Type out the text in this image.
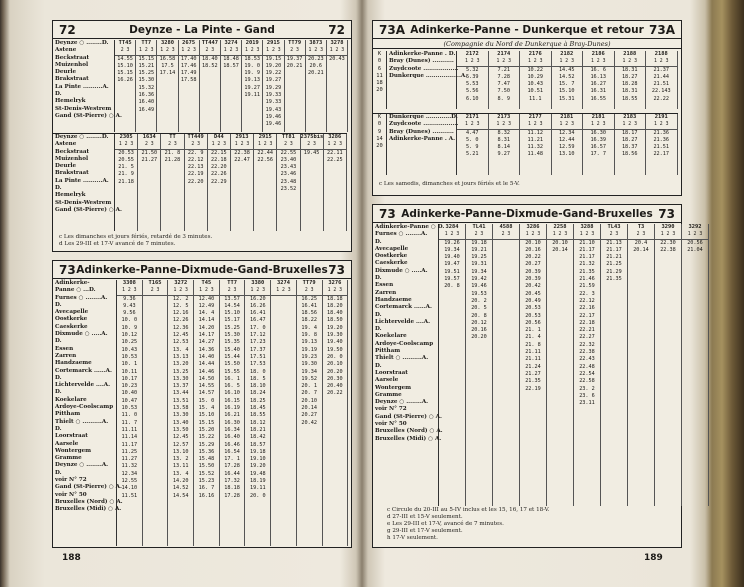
72	Deynze - La Pinte - Gand	72
Deynze ○ ........D.
Astene
Beckstraat
Muizenhol
Deurle
Brakstraat
La Pinte ..........A.
D.
Hemelryk
St-Denis-Westrem
Gand (St-Pierre) ○ A.
TT45
2 3
14.55
15.10
15.15
16.26
TT7
1 2 3
15.15
15.21
15.25
15.30
15.32
16.36
16.40
16.49
3280
1 2 3
16.58
17.5
17.14
2675
1 2 3
17.40
17.46
17.49
17.58
TT447
2 3
18.40
18.52
3274
1 2 3
18.48
18.57
2019
1 2 3
18.53
19. 0
19. 9
19.13
19.27
19.11
2915
1 2 3
19.15
19.20
19.22
19.27
19.29
19.33
19.33
19.43
19.46
19.46
TT79
2 3
19.37
20.21
3873
1 2 3
20.23
20.6
20.21
3278
1 2 3
20.43
Deynze ○ ........D.
Astene
Beckstraat
Muizenhol
Deurle
Brakstraat
La Pinte ..........A.
D.
Hemelryk
St-Denis-Westrem
Gand (St-Pierre) ○ A.
2305
1 2 3
20.53
20.55
21. 5
21. 9
21.18
1634
2 3
21.50
21.27
TT
2 3
21. 8
21.28
TT449
2 3
22. 9
22.12
22.13
22.19
22.20
D44
1 2 3
22.15
22.18
22.20
22.26
22.29
2913
1 2 3
22.38
22.47
2915
1 2 3
22.44
22.56
TT81
2 3
22.55
23.40
23.43
23.46
23.48
23.52
2375bis
2 3
19.45
3286
1 2 3
22.11
22.25
c Les dimanches et jours fériés, retardé de 3 minutes.
d Les 29-III et 17-V avancé de 7 minutes.
73 Adinkerke-Panne-Dixmude-Gand-Bruxelles 73
Adinkerke-
Panne ○ ...D.
Furnes ○ ........A.
D.
Avecapelle
Oostkerke
Caeskerke
Dixmude ○ .....A.
D.
Essen
Zarren
Handzaeme
Cortemarck ......A.
D.
Lichtervelde ....A.
D.
Koekelare
Ardoye-Coolscamp
Pittham
Thielt ○ ..........A.
D.
Loorstraat
Aarsele
Wontergem
Gramme
Deynze ○ ........A.
D.
voir N° 72
Gand (St-Pierre) ○ A.
voir N° 50
Bruxelles (Nord) ○ A.
Bruxelles (Midi) ○ A.
3308
1 2 3
9.36
9.43
9.56
10. 0
10. 9
10.12
10.25
10.43
10.53
10. 1
10.11
10.17
10.23
10.40
10.47
10.53
11. 0
11. 7
11.11
11.14
11.17
11.25
11.27
11.32
12.34
12.55
14.10
11.51
T165
2 3
3272
1 2 3
12. 2
12. 5
12.16
12.26
12.36
12.45
12.53
13. 4
13.13
13.20
13.25
13.30
13.37
13.44
13.51
13.58
13.30
13.40
13.50
12.45
12.57
13.10
13. 2
13.11
13. 4
14.20
14.52
14.54
T45
1 2 3
12.40
12.49
14. 4
14.14
14.20
14.17
14.27
14.36
14.40
14.44
14.46
14.50
14.55
14.57
15. 0
15. 4
15.10
15.15
15.20
15.22
15.29
15.36
15.48
15.50
15.52
15.23
16. 7
16.16
TT7
2 3
13.57
14.54
15.10
15.17
15.25
15.30
15.35
15.40
15.44
15.50
15.55
16. 1
16. 5
16.10
16.15
16.19
16.21
16.30
16.34
16.40
16.46
16.54
17. 1
17.28
16.44
17.32
18.18
17.28
3380
1 2 3
16.20
16.26
16.41
16.47
17. 0
17.12
17.23
17.37
17.51
17.53
18. 0
18. 5
18.10
18.24
18.25
18.45
18.55
18.12
18.21
18.42
18.57
19.18
19.10
19.20
19.48
18.19
19.11
20. 0
3274
1 2 3
TT79
2 3
16.25
16.41
18.56
18.22
19. 4
19. 8
19.13
19.19
19.23
19.30
19.34
19.52
20. 1
20. 7
20.10
20.14
20.27
20.42
3276
1 2 3
18.18
18.20
18.40
18.50
19.20
19.30
19.40
19.50
20. 0
20.10
20.20
20.30
20.40
20.22
188
73A Adinkerke-Panne - Dunkerque et retour 73A
(Compagnie du Nord de Dunkerque à Bray-Dunes)
K
0
6
11
18
20
Adinkerke-Panne . D.
Bray (Dunes) ...........
Zuydcoote ..................
Dunkerque ..................A.
2172
1 2 3
5.32
5.39
5.53
5.56
6.10
2174
1 2 3
7.21
7.28
7.47
7.50
8. 9
2176
1 2 3
10.22
10.29
10.43
10.51
11.1
2182
1 2 3
14.45
14.52
15. 7
15.10
15.31
2186
1 2 3
16. 6
16.13
16.27
16.31
16.55
2188
1 2 3
18.31
18.27
18.28
18.31
18.55
2188
1 2 3
21.37
21.44
21.51
22.143
22.22
K
0
9
14
20
Dunkerque .............D.
Zuydcoote ..................
Bray (Dunes) ...........
Adinkerke-Panne . A.
2171
1 2 3
4.47
5. 0
5. 9
5.21
2173
1 2 3
8.32
8.31
8.14
9.27
2177
1 2 3
11.12
11.21
11.32
11.48
2181
1 2 3
12.34
12.44
12.59
13.10
2181
1 2 3
16.30
16.39
16.57
17. 7
2183
1 2 3
18.17
18.27
18.37
18.56
2191
1 2 3
21.36
21.36
21.51
22.17
c Les samedis, dimanches et jours fériés et le 5-V.
73 Adinkerke-Panne-Dixmude-Gand-Bruxelles 73
Adinkerke-Panne ○ D.
Furnes ○ ........A.
D.
Avecapelle
Oostkerke
Caeskerke
Dixmude ○ .....A.
D.
Essen
Zarren
Handzaeme
Cortemarck ......A.
D.
Lichtervelde ....A.
D.
Koekelare
Ardoye-Coolscamp
Pittham
Thielt ○ ..........A.
D.
Loorstraat
Aarsele
Wontergem
Gramme
Deynze ○ ........A.
voir N° 72
Gand (St-Pierre) ○ A.
voir N° 50
Bruxelles (Nord) ○ A.
Bruxelles (Midi) ○ A.
3284
1 2 3
19.26
19.34
19.40
19.47
19.51
19.57
20. 8
TL41
2 3
19.18
19.21
19.25
19.31
19.34
19.42
19.46
19.53
20. 2
20. 5
20. 8
20.12
20.16
20.20
4588
2 3
3286
1 2 3
20.10
20.16
20.22
20.27
20.39
20.39
20.42
20.45
20.49
20.53
20.53
20.56
21. 1
21. 4
21. 8
21.11
21.11
21.24
21.27
21.35
22.19
2258
1 2 3
20.10
20.14
3288
1 2 3
21.10
21.17
21.17
21.32
21.35
21.46
21.59
22. 3
22.12
22.16
22.17
22.18
22.21
22.27
22.32
22.38
22.43
22.48
22.54
22.58
23. 2
23. 6
23.11
TL43
2 3
21.13
21.17
21.21
21.25
21.29
21.35
T3
2 3
20.4
20.14
3290
1 2 3
22.30
22.38
3292
1 2 3
20.56
21.04
c Circule du 20-III au 5-IV inclus et les 15, 16, 17 et 18-V.
d 27-III et 15-V seulement.
e Les 29-III et 17-V, avancé de 7 minutes.
g 29-III et 17-V seulement.
h 17-V seulement.
189
